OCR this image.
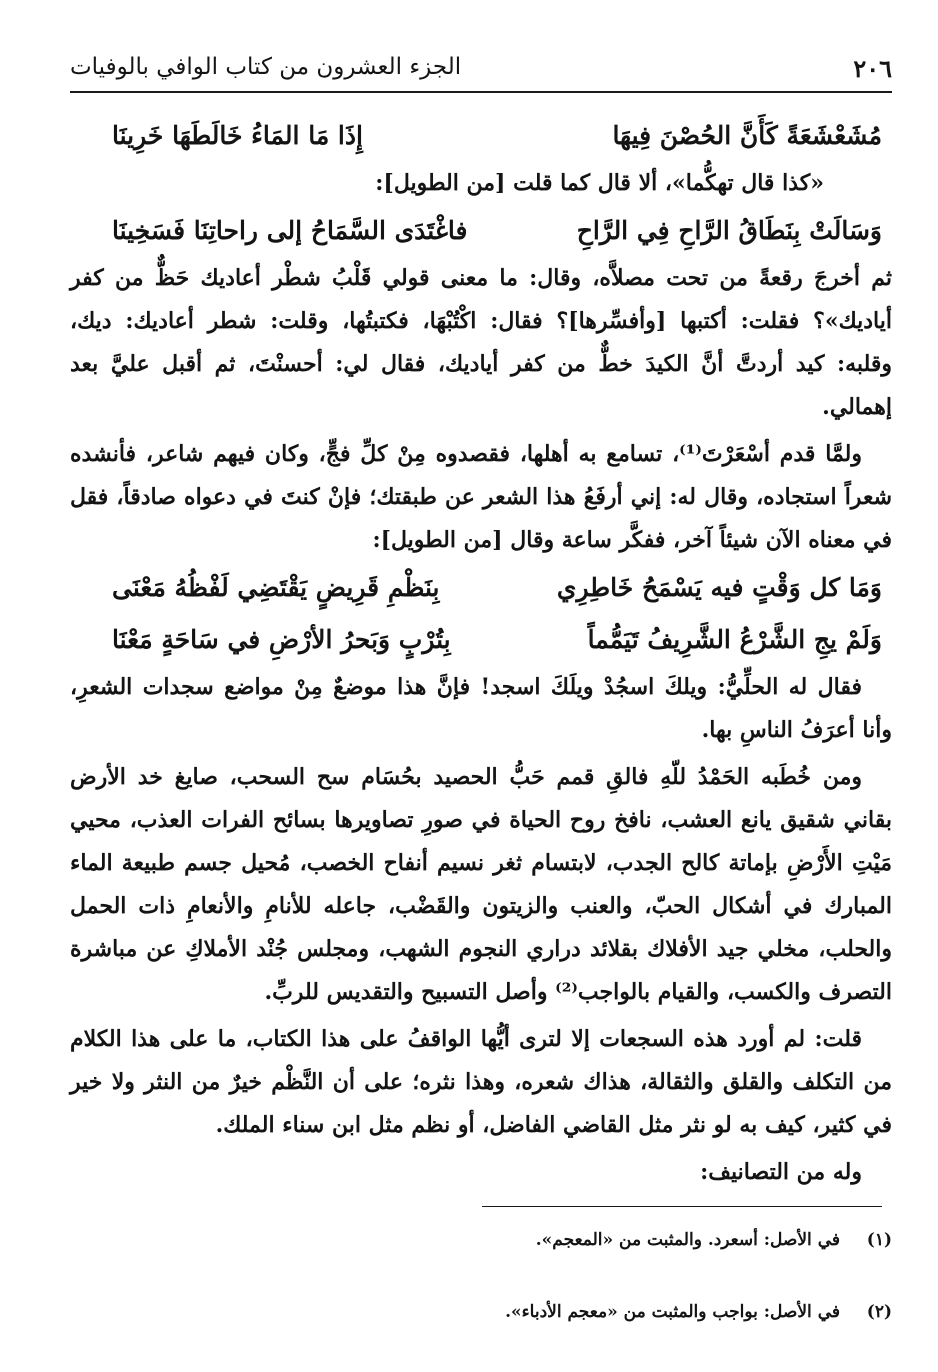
٢٠٦
الجزء العشرون من كتاب الوافي بالوفيات
مُشَعْشَعَةً كَأَنَّ الحُصْنَ فِيهَا
إِذَا مَا المَاءُ خَالَطَهَا خَرِينَا
«كذا قال تهكُّما»، ألا قال كما قلت [من الطويل]:
وَسَالَتْ بِنَطَاقُ الرَّاحِ فِي الرَّاحِ
فاغْتَدَى السَّمَاحُ إلى راحاتِنَا فَسَخِينَا

ثم أخرجَ رقعةً من تحت مصلاَّه، وقال: ما معنى قولي قَلْبُ شطْر أعاديك حَظٌّ من كفر أياديك»؟ فقلت: أكتبها [وأفسِّرها]؟ فقال: اكْتُبْهَا، فكتبتُها، وقلت: شطر أعاديك: ديك، وقلبه: كيد أردتَّ أنَّ الكيدَ خطٌّ من كفر أياديك، فقال لي: أحسنْتَ، ثم أقبل عليَّ بعد إهمالي.

ولمَّا قدم أسْعَرْتَ⁽¹⁾، تسامع به أهلها، فقصدوه مِنْ كلِّ فجٍّ، وكان فيهم شاعر، فأنشده شعراً استجاده، وقال له: إني أرفَعُ هذا الشعر عن طبقتك؛ فإنْ كنتَ في دعواه صادقاً، فقل في معناه الآن شيئاً آخر، ففكَّر ساعة وقال [من الطويل]:

وَمَا كل وَقْتٍ فيه يَسْمَحُ خَاطِرِي
بِنَظْمِ قَرِيضٍ يَقْتَضِي لَفْظُهُ مَعْنَى
وَلَمْ يجِ الشَّرْعُ الشَّرِيفُ تَيَمُّماً
بِتُرْبٍ وَبَحرُ الأرْضِ في سَاحَةٍ مَعْنَا

فقال له الحلِّيُّ: ويلكَ اسجُدْ ويلَكَ اسجد! فإنَّ هذا موضعٌ مِنْ مواضع سجدات الشعرِ، وأنا أعرَفُ الناسِ بها.

ومن خُطَبه الحَمْدُ للّهِ فالقِ قمم حَبُّ الحصيد بحُسَام سح السحب، صايغ خد الأرض بقاني شقيق يانع العشب، نافخ روح الحياة في صورِ تصاويرها بسائح الفرات العذب، محيي مَيْتِ الأَرْضِ بإماتة كالح الجدب، لابتسام ثغر نسيم أنفاح الخصب، مُحيل جسم طبيعة الماء المبارك في أشكال الحبّ، والعنب والزيتون والقَضْب، جاعله للأنامِ والأنعامِ ذات الحمل والحلب، مخلي جيد الأفلاك بقلائد دراري النجوم الشهب، ومجلس جُنْد الأملاكِ عن مباشرة التصرف والكسب، والقيام بالواجب⁽²⁾ وأصل التسبيح والتقديس للربِّ.

قلت: لم أورد هذه السجعات إلا لترى أيُّها الواقفُ على هذا الكتاب، ما على هذا الكلام من التكلف والقلق والثقالة، هذاك شعره، وهذا نثره؛ على أن النَّظْم خيرٌ من النثر ولا خير في كثير، كيف به لو نثر مثل القاضي الفاضل، أو نظم مثل ابن سناء الملك.

وله من التصانيف:

(١)
في الأصل: أسعرد. والمثبت من «المعجم».
(٢)
في الأصل: بواجب والمثبت من «معجم الأدباء».
